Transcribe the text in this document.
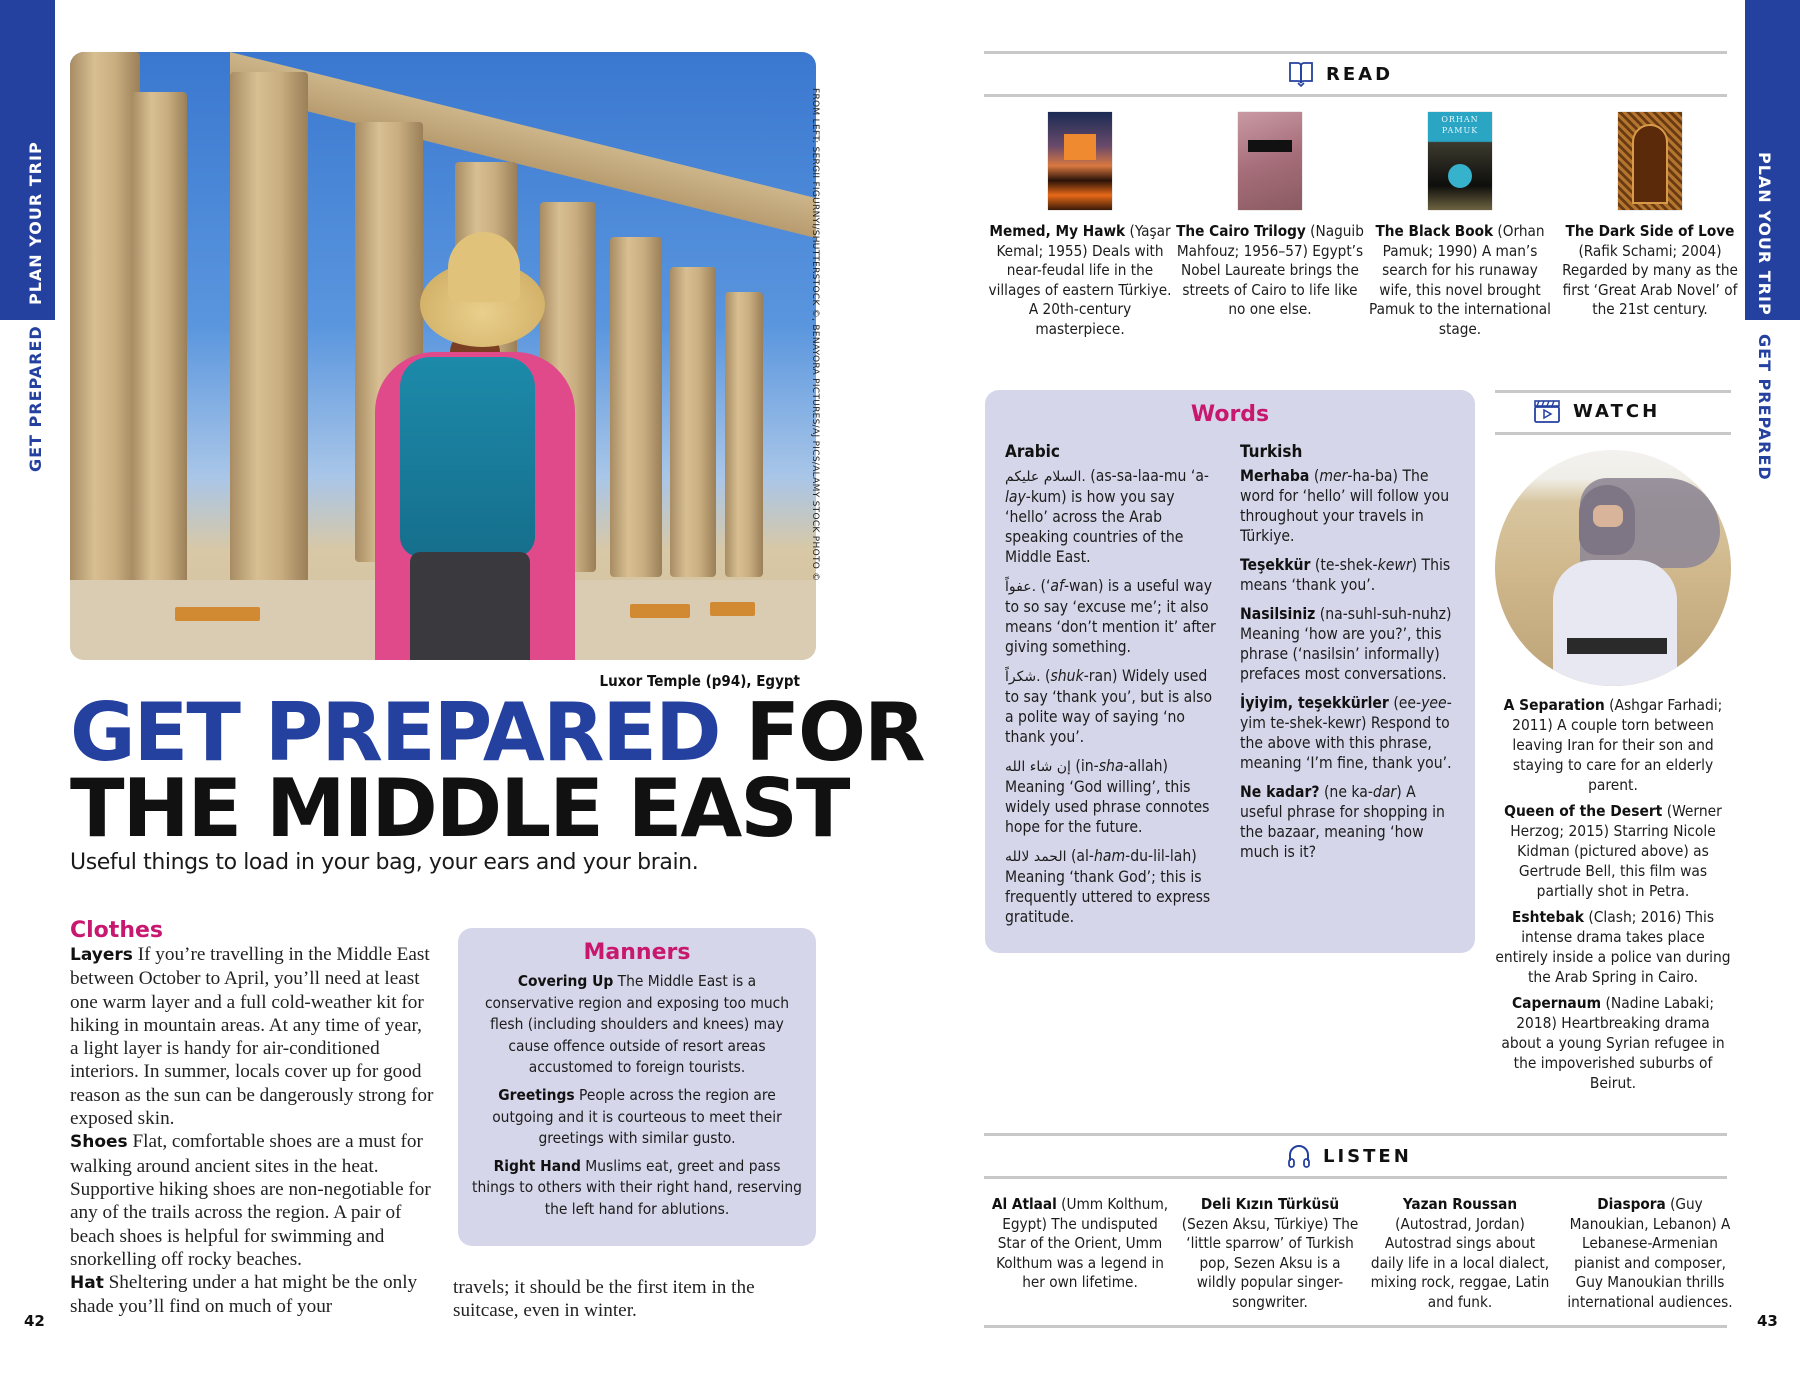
PLAN YOUR TRIP
GET PREPARED
PLAN YOUR TRIP
GET PREPARED
FROM LEFT: SERGII FIGURNYI/SHUTTERSTOCK ©, BENAYORA PICTURES/AJ PICS/ALAMY STOCK PHOTO ©
Luxor Temple (p94), Egypt
GET PREPARED FOR
THE MIDDLE EAST

Useful things to load in your bag, your ears and your brain.

Clothes
Layers If you’re travelling in the Middle East between October to April, you’ll need at least one warm layer and a full cold-weather kit for hiking in mountain areas. At any time of year, a light layer is handy for air-conditioned interiors. In summer, locals cover up for good reason as the sun can be dangerously strong for exposed skin.
Shoes Flat, comfortable shoes are a must for walking around ancient sites in the heat. Supportive hiking shoes are non-negotiable for any of the trails across the region. A pair of beach shoes is helpful for swimming and snorkelling off rocky beaches.
Hat Sheltering under a hat might be the only shade you’ll find on much of your
travels; it should be the first item in the suitcase, even in winter.
Manners

Covering Up The Middle East is a conservative region and exposing too much flesh (including shoulders and knees) may cause offence outside of resort areas accustomed to foreign tourists.

Greetings People across the region are outgoing and it is courteous to meet their greetings with similar gusto.

Right Hand Muslims eat, greet and pass things to others with their right hand, reserving the left hand for ablutions.

42
READ
Memed, My Hawk (Yaşar Kemal; 1955) Deals with near-feudal life in the villages of eastern Türkiye. A 20th-century masterpiece.
The Cairo Trilogy (Naguib Mahfouz; 1956–57) Egypt’s Nobel Laureate brings the streets of Cairo to life like no one else.
ORHAN PAMUK
The Black Book (Orhan Pamuk; 1990) A man’s search for his runaway wife, this novel brought Pamuk to the international stage.
The Dark Side of Love (Rafik Schami; 2004) Regarded by many as the first ‘Great Arab Novel’ of the 21st century.
Words
Arabic

السلام عليكم. (as-sa-laa-mu ‘a-lay-kum) is how you say ‘hello’ across the Arab speaking countries of the Middle East.

عفواً. (‘af-wan) is a useful way to so say ‘excuse me’; it also means ‘don’t mention it’ after giving something.

شكراً. (shuk-ran) Widely used to say ‘thank you’, but is also a polite way of saying ‘no thank you’.

إن شاء الله (in-sha-allah) Meaning ‘God willing’, this widely used phrase connotes hope for the future.

الحمد لالله (al-ham-du-lil-lah) Meaning ‘thank God’; this is frequently uttered to express gratitude.

Turkish

Merhaba (mer-ha-ba) The word for ‘hello’ will follow you throughout your travels in Türkiye.

Teşekkür (te-shek-kewr) This means ‘thank you’.

Nasilsiniz (na-suhl-suh-nuhz) Meaning ‘how are you?’, this phrase (‘nasilsin’ informally) prefaces most conversations.

İyiyim, teşekkürler (ee-yee-yim te-shek-kewr) Respond to the above with this phrase, meaning ‘I’m fine, thank you’.

Ne kadar? (ne ka-dar) A useful phrase for shopping in the bazaar, meaning ‘how much is it?

WATCH

A Separation (Ashgar Farhadi; 2011) A couple torn between leaving Iran for their son and staying to care for an elderly parent.

Queen of the Desert (Werner Herzog; 2015) Starring Nicole Kidman (pictured above) as Gertrude Bell, this film was partially shot in Petra.

Eshtebak (Clash; 2016) This intense drama takes place entirely inside a police van during the Arab Spring in Cairo.

Capernaum (Nadine Labaki; 2018) Heartbreaking drama about a young Syrian refugee in the impoverished suburbs of Beirut.

LISTEN
Al Atlaal (Umm Kolthum, Egypt) The undisputed Star of the Orient, Umm Kolthum was a legend in her own lifetime.
Deli Kızın Türküsü (Sezen Aksu, Türkiye) The ‘little sparrow’ of Turkish pop, Sezen Aksu is a wildly popular singer-songwriter.
Yazan Roussan (Autostrad, Jordan) Autostrad sings about daily life in a local dialect, mixing rock, reggae, Latin and funk.
Diaspora (Guy Manoukian, Lebanon) A Lebanese-Armenian pianist and composer, Guy Manoukian thrills international audiences.
43
